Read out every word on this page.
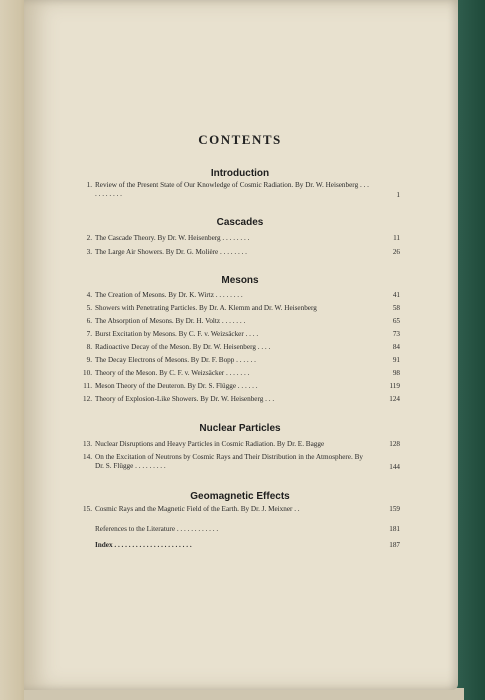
CONTENTS
Introduction
1. Review of the Present State of Our Knowledge of Cosmic Radiation. By Dr. W. Heisenberg . . . . . . . . . . .	1
Cascades
2. The Cascade Theory. By Dr. W. Heisenberg . . . . . . . .	11
3. The Large Air Showers. By Dr. G. Molière . . . . . . . .	26
Mesons
4. The Creation of Mesons. By Dr. K. Wirtz . . . . . . . .	41
5. Showers with Penetrating Particles. By Dr. A. Klemm and Dr. W. Heisenberg	58
6. The Absorption of Mesons. By Dr. H. Voltz . . . . . . .	65
7. Burst Excitation by Mesons. By C. F. v. Weizsäcker . . . .	73
8. Radioactive Decay of the Meson. By Dr. W. Heisenberg . . . .	84
9. The Decay Electrons of Mesons. By Dr. F. Bopp . . . . . .	91
10. Theory of the Meson. By C. F. v. Weizsäcker . . . . . . .	98
11. Meson Theory of the Deuteron. By Dr. S. Flügge . . . . . .	119
12. Theory of Explosion-Like Showers. By Dr. W. Heisenberg . . .	124
Nuclear Particles
13. Nuclear Disruptions and Heavy Particles in Cosmic Radiation. By Dr. E. Bagge	128
14. On the Excitation of Neutrons by Cosmic Rays and Their Distribution in the Atmosphere. By Dr. S. Flügge . . . . . . . . .	144
Geomagnetic Effects
15. Cosmic Rays and the Magnetic Field of the Earth. By Dr. J. Meixner . .	159
References to the Literature . . . . . . . . . . . .	181
Index . . . . . . . . . . . . . . . . . . . . . .	187
